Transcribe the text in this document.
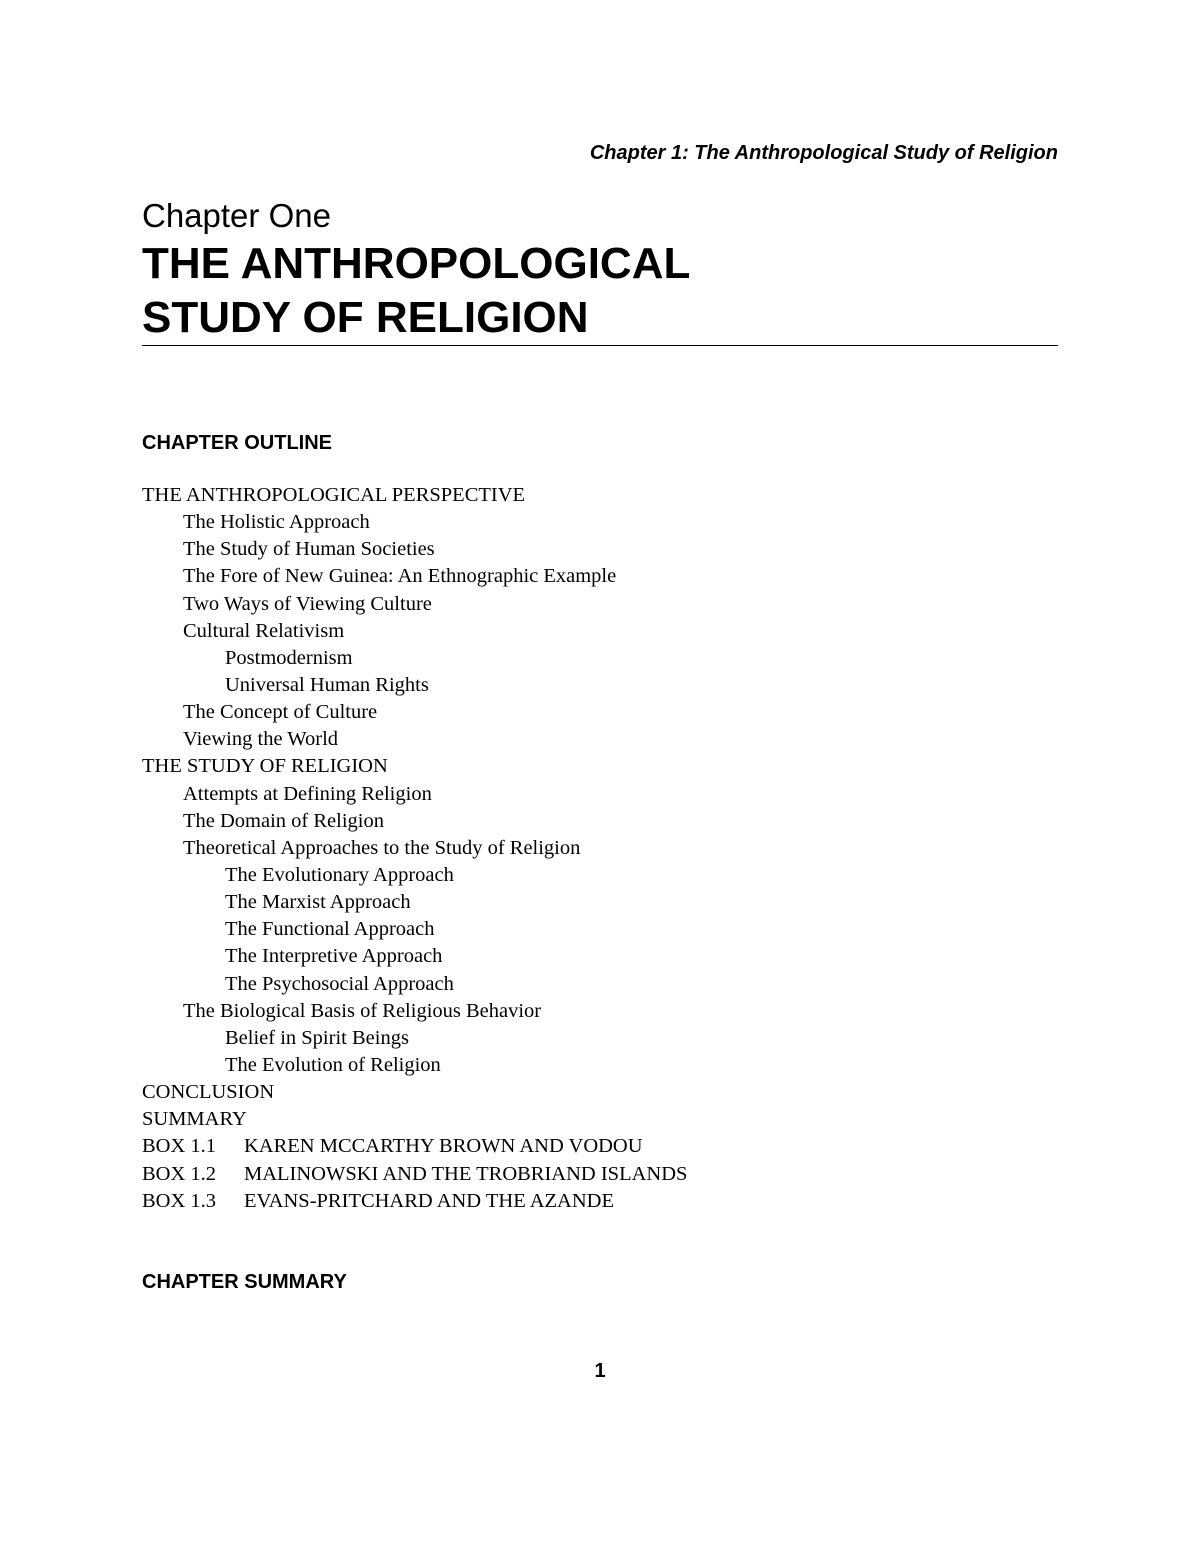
Chapter 1: The Anthropological Study of Religion
Chapter One
THE ANTHROPOLOGICAL
STUDY OF RELIGION
CHAPTER OUTLINE
THE ANTHROPOLOGICAL PERSPECTIVE
The Holistic Approach
The Study of Human Societies
The Fore of New Guinea: An Ethnographic Example
Two Ways of Viewing Culture
Cultural Relativism
Postmodernism
Universal Human Rights
The Concept of Culture
Viewing the World
THE STUDY OF RELIGION
Attempts at Defining Religion
The Domain of Religion
Theoretical Approaches to the Study of Religion
The Evolutionary Approach
The Marxist Approach
The Functional Approach
The Interpretive Approach
The Psychosocial Approach
The Biological Basis of Religious Behavior
Belief in Spirit Beings
The Evolution of Religion
CONCLUSION
SUMMARY
BOX 1.1 KAREN MCCARTHY BROWN AND VODOU
BOX 1.2 MALINOWSKI AND THE TROBRIAND ISLANDS
BOX 1.3 EVANS-PRITCHARD AND THE AZANDE
CHAPTER SUMMARY
1
